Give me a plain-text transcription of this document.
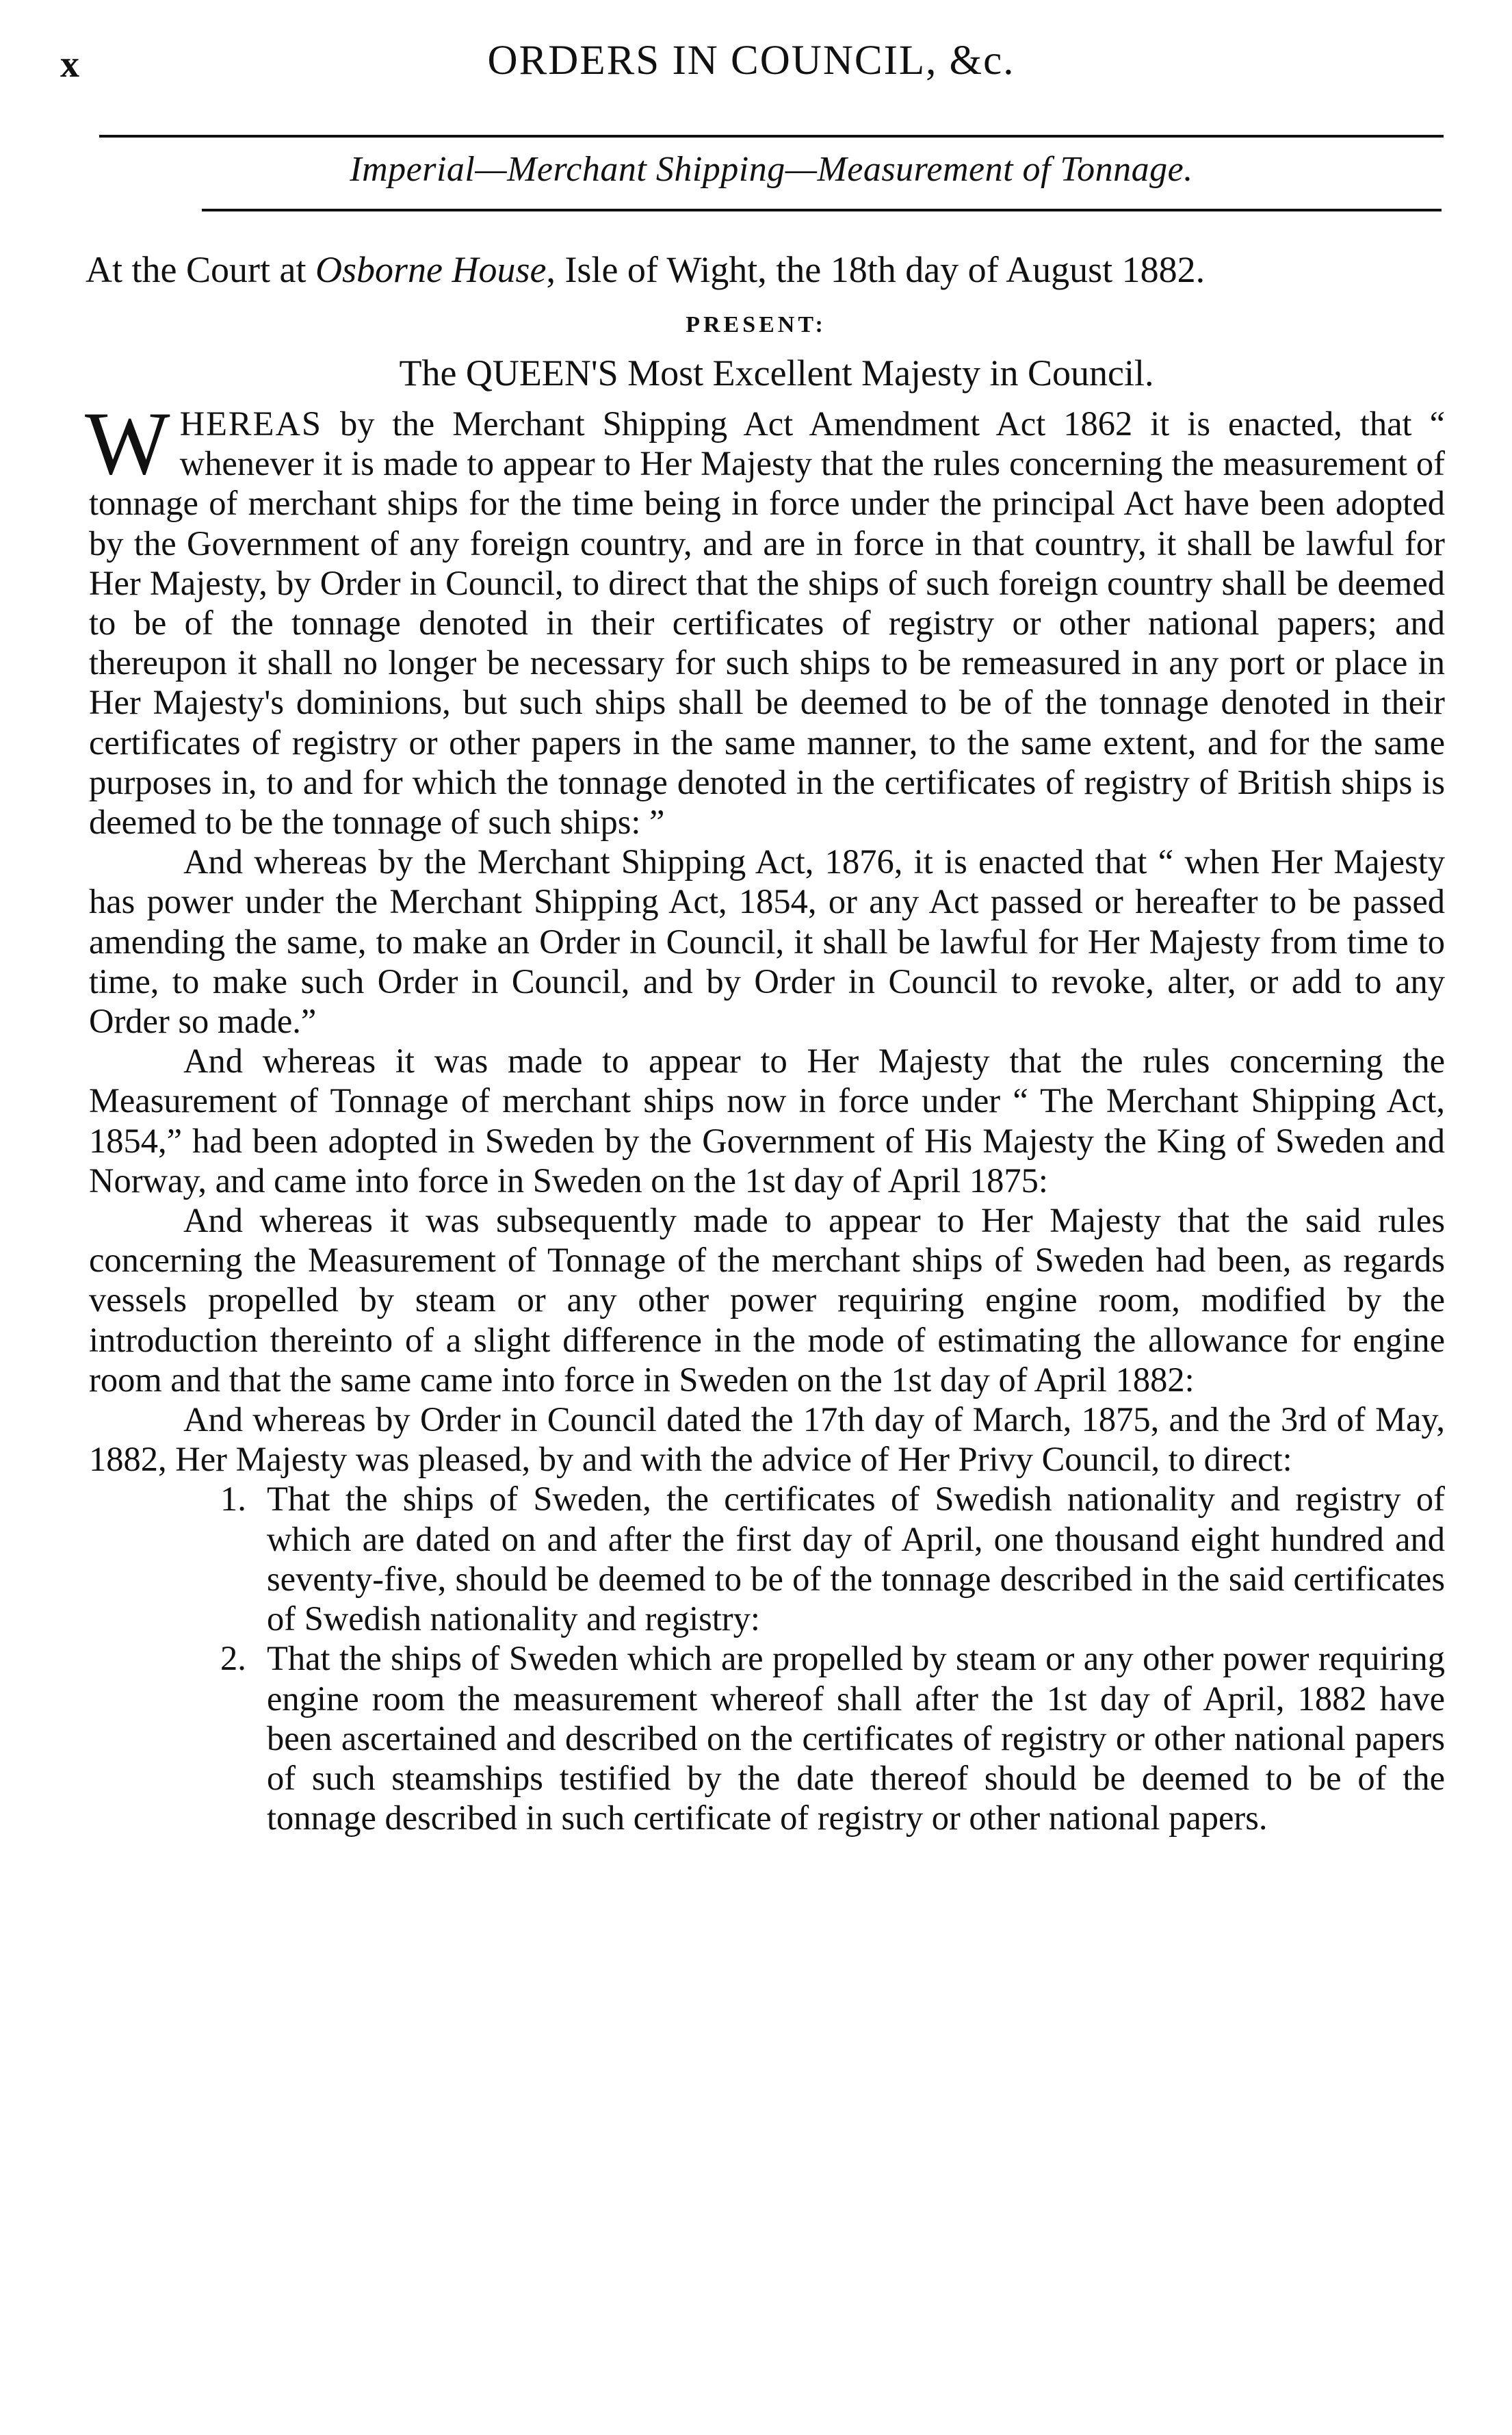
x	ORDERS IN COUNCIL, &c.
Imperial—Merchant Shipping—Measurement of Tonnage.
At the Court at Osborne House, Isle of Wight, the 18th day of August 1882.
PRESENT:
The QUEEN'S Most Excellent Majesty in Council.

WHEREAS by the Merchant Shipping Act Amendment Act 1862 it is enacted, that “ whenever it is made to appear to Her Majesty that the rules concerning the measurement of tonnage of merchant ships for the time being in force under the principal Act have been adopted by the Government of any foreign country, and are in force in that country, it shall be lawful for Her Majesty, by Order in Council, to direct that the ships of such foreign country shall be deemed to be of the tonnage denoted in their certificates of registry or other national papers; and thereupon it shall no longer be necessary for such ships to be remeasured in any port or place in Her Majesty's dominions, but such ships shall be deemed to be of the tonnage denoted in their certificates of registry or other papers in the same manner, to the same extent, and for the same purposes in, to and for which the tonnage denoted in the certificates of registry of British ships is deemed to be the tonnage of such ships: ”

And whereas by the Merchant Shipping Act, 1876, it is enacted that “ when Her Majesty has power under the Merchant Shipping Act, 1854, or any Act passed or hereafter to be passed amending the same, to make an Order in Council, it shall be lawful for Her Majesty from time to time, to make such Order in Council, and by Order in Council to revoke, alter, or add to any Order so made.”

And whereas it was made to appear to Her Majesty that the rules concerning the Measurement of Tonnage of merchant ships now in force under “ The Merchant Shipping Act, 1854,” had been adopted in Sweden by the Government of His Majesty the King of Sweden and Norway, and came into force in Sweden on the 1st day of April 1875:

And whereas it was subsequently made to appear to Her Majesty that the said rules concerning the Measurement of Tonnage of the merchant ships of Sweden had been, as regards vessels propelled by steam or any other power requiring engine room, modified by the introduction thereinto of a slight difference in the mode of estimating the allowance for engine room and that the same came into force in Sweden on the 1st day of April 1882:

And whereas by Order in Council dated the 17th day of March, 1875, and the 3rd of May, 1882, Her Majesty was pleased, by and with the advice of Her Privy Council, to direct:

1. That the ships of Sweden, the certificates of Swedish nationality and registry of which are dated on and after the first day of April, one thousand eight hundred and seventy-five, should be deemed to be of the tonnage described in the said certificates of Swedish nationality and registry:
2. That the ships of Sweden which are propelled by steam or any other power requiring engine room the measurement whereof shall after the 1st day of April, 1882 have been ascertained and described on the certificates of registry or other national papers of such steamships testified by the date thereof should be deemed to be of the tonnage described in such certificate of registry or other national papers.
